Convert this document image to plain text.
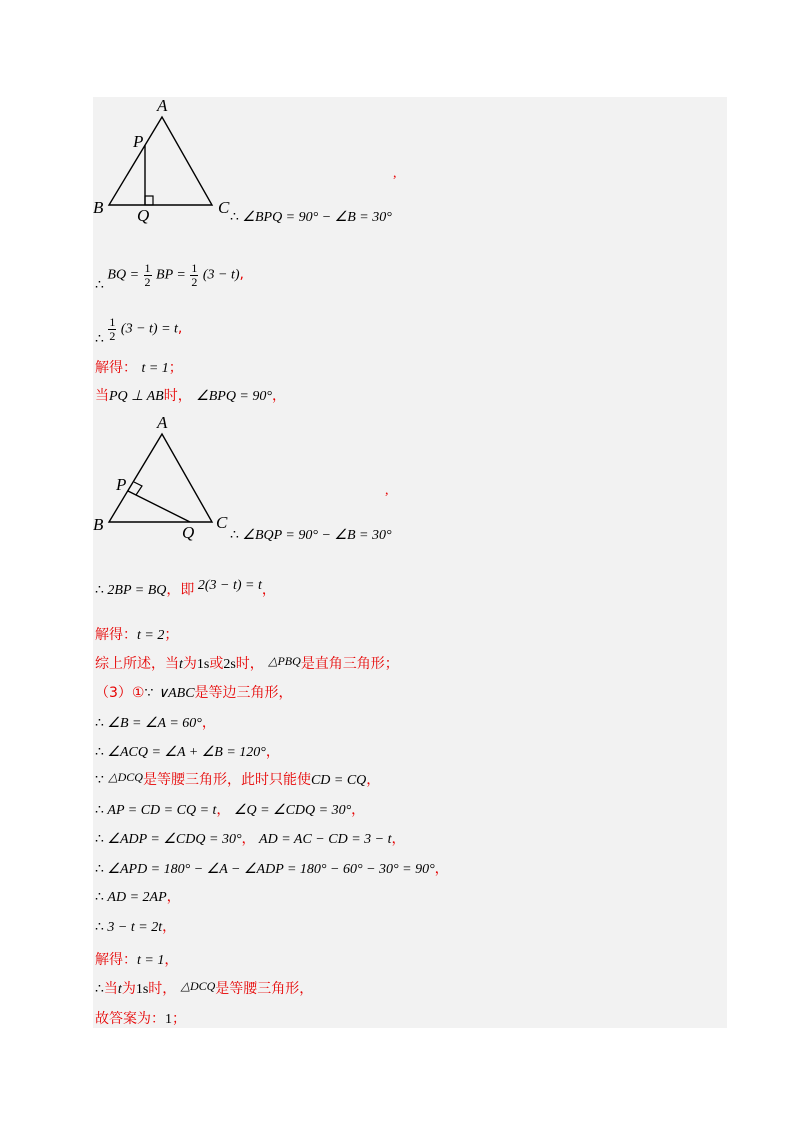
A
P
B Q	C
,
∴ ∠BPQ = 90° − ∠B = 30°
∴ BQ = $\frac{1}{2}$ BP = $\frac{1}{2} (3 - t)$,
∴ $\frac{1}{2} (3 - t) = t$,
解得： t = 1；
当PQ ⊥ AB时， ∠BPQ = 90°，
A
P
B	Q
C
,
∴ ∠BQP = 90° − ∠B = 30°
∴ 2BP = BQ，即 2(3 − t) = t，
解得：t = 2；
综上所述，当t为1s或2s时， △PBQ是直角三角形；
（3）①∵ ∨ABC是等边三角形，
∴ ∠B = ∠A = 60°，
∴ ∠ACQ = ∠A + ∠B = 120°，
∵ △DCQ是等腰三角形，此时只能使CD = CQ，
∴ AP = CD = CQ = t， ∠Q = ∠CDQ = 30°，
∴ ∠ADP = ∠CDQ = 30°， AD = AC − CD = 3 − t，
∴ ∠APD = 180° − ∠A − ∠ADP = 180° − 60° − 30° = 90°，
∴ AD = 2AP，
∴ 3 − t = 2t，
解得：t = 1，
∴当t为1s时， △DCQ是等腰三角形，
故答案为：1；
